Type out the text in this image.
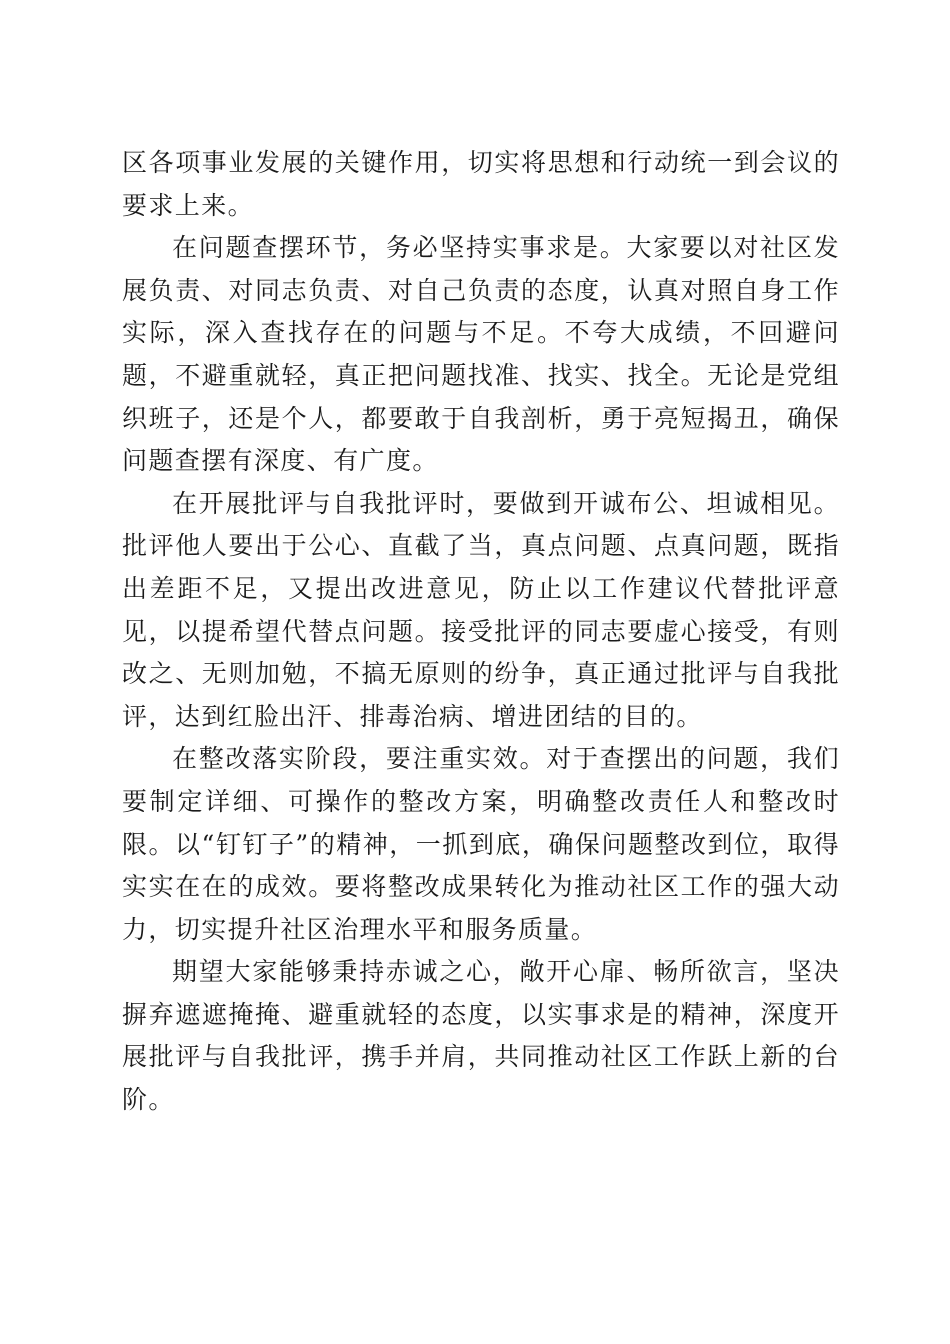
区各项事业发展的关键作用，切实将思想和行动统一到会议的要求上来。

在问题查摆环节，务必坚持实事求是。大家要以对社区发展负责、对同志负责、对自己负责的态度，认真对照自身工作实际，深入查找存在的问题与不足。不夸大成绩，不回避问题，不避重就轻，真正把问题找准、找实、找全。无论是党组织班子，还是个人，都要敢于自我剖析，勇于亮短揭丑，确保问题查摆有深度、有广度。

在开展批评与自我批评时，要做到开诚布公、坦诚相见。批评他人要出于公心、直截了当，真点问题、点真问题，既指出差距不足，又提出改进意见，防止以工作建议代替批评意见，以提希望代替点问题。接受批评的同志要虚心接受，有则改之、无则加勉，不搞无原则的纷争，真正通过批评与自我批评，达到红脸出汗、排毒治病、增进团结的目的。

在整改落实阶段，要注重实效。对于查摆出的问题，我们要制定详细、可操作的整改方案，明确整改责任人和整改时限。以“钉钉子”的精神，一抓到底，确保问题整改到位，取得实实在在的成效。要将整改成果转化为推动社区工作的强大动力，切实提升社区治理水平和服务质量。

期望大家能够秉持赤诚之心，敞开心扉、畅所欲言，坚决摒弃遮遮掩掩、避重就轻的态度，以实事求是的精神，深度开展批评与自我批评，携手并肩，共同推动社区工作跃上新的台阶。
